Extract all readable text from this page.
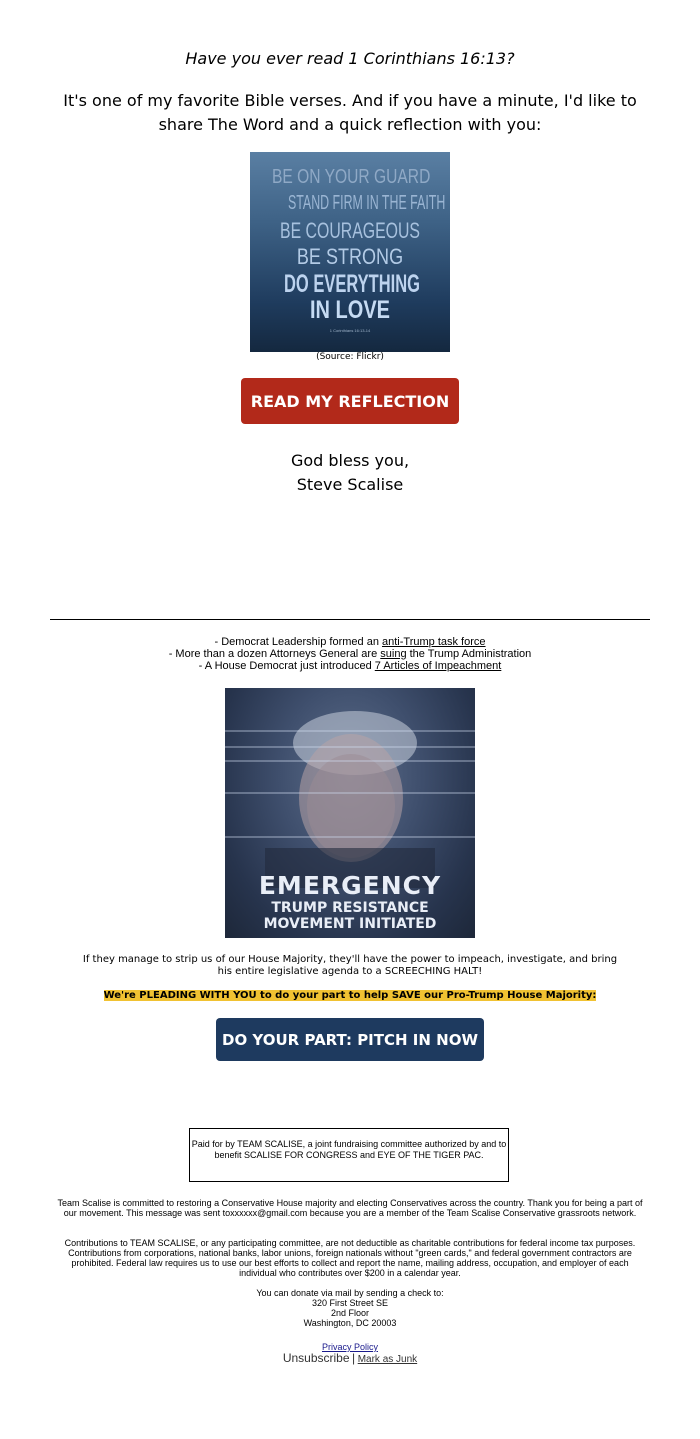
Have you ever read 1 Corinthians 16:13?
It's one of my favorite Bible verses. And if you have a minute, I'd like to share The Word and a quick reflection with you:
BE ON YOUR GUARD
STAND FIRM IN THE FAITH
BE COURAGEOUS
BE STRONG
DO EVERYTHING
IN LOVE
1 Corinthians 16:13-14
(Source: Flickr)
READ MY REFLECTION
God bless you,
Steve Scalise
- Democrat Leadership formed an anti-Trump task force
- More than a dozen Attorneys General are suing the Trump Administration
- A House Democrat just introduced 7 Articles of Impeachment
EMERGENCY
TRUMP RESISTANCE
MOVEMENT INITIATED
If they manage to strip us of our House Majority, they'll have the power to impeach, investigate, and bring his entire legislative agenda to a SCREECHING HALT!
We're PLEADING WITH YOU to do your part to help SAVE our Pro-Trump House Majority:
DO YOUR PART: PITCH IN NOW
Paid for by TEAM SCALISE, a joint fundraising committee authorized by and to benefit SCALISE FOR CONGRESS and EYE OF THE TIGER PAC.
Team Scalise is committed to restoring a Conservative House majority and electing Conservatives across the country. Thank you for being a part of our movement. This message was sent toxxxxxx@gmail.com because you are a member of the Team Scalise Conservative grassroots network.
Contributions to TEAM SCALISE, or any participating committee, are not deductible as charitable contributions for federal income tax purposes. Contributions from corporations, national banks, labor unions, foreign nationals without "green cards," and federal government contractors are prohibited. Federal law requires us to use our best efforts to collect and report the name, mailing address, occupation, and employer of each individual who contributes over $200 in a calendar year.
You can donate via mail by sending a check to:
320 First Street SE
2nd Floor
Washington, DC 20003
Privacy Policy
Unsubscribe | Mark as Junk
